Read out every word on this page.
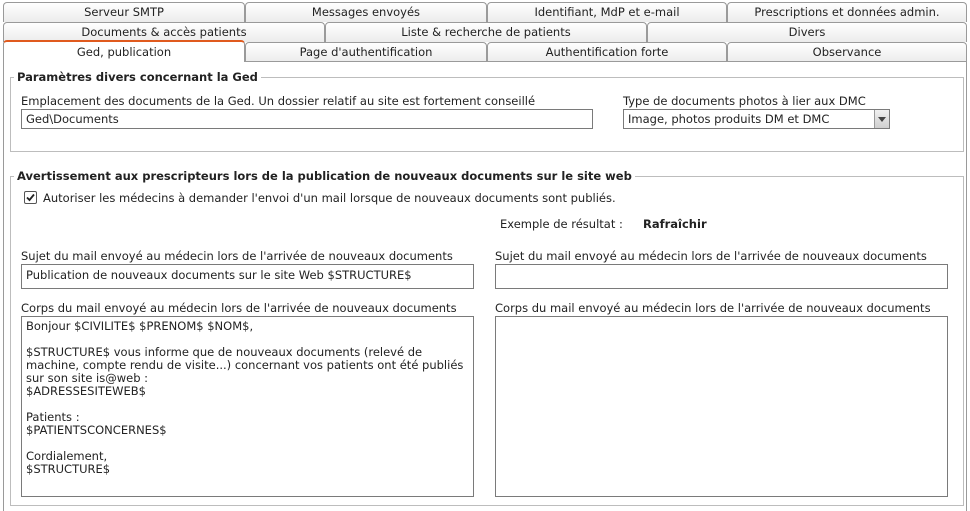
Serveur SMTP	Messages envoyés	Identifiant, MdP et e-mail	Prescriptions et données admin.
Documents & accès patients	Liste & recherche de patients	Divers
Ged, publication	Page d'authentification	Authentification forte	Observance
Paramètres divers concernant la Ged
Emplacement des documents de la Ged. Un dossier relatif au site est fortement conseillé
Ged\Documents
Type de documents photos à lier aux DMC
Image, photos produits DM et DMC
Avertissement aux prescripteurs lors de la publication de nouveaux documents sur le site web
Autoriser les médecins à demander l'envoi d'un mail lorsque de nouveaux documents sont publiés.
Exemple de résultat : Rafraîchir
Sujet du mail envoyé au médecin lors de l'arrivée de nouveaux documents
Publication de nouveaux documents sur le site Web $STRUCTURE$
Sujet du mail envoyé au médecin lors de l'arrivée de nouveaux documents
Corps du mail envoyé au médecin lors de l'arrivée de nouveaux documents
Bonjour $CIVILITE$ $PRENOM$ $NOM$,

$STRUCTURE$ vous informe que de nouveaux documents (relevé de machine, compte rendu de visite...) concernant vos patients ont été publiés sur son site is@web :
$ADRESSESITEWEB$

Patients :
$PATIENTSCONCERNES$

Cordialement,
$STRUCTURE$
Corps du mail envoyé au médecin lors de l'arrivée de nouveaux documents
